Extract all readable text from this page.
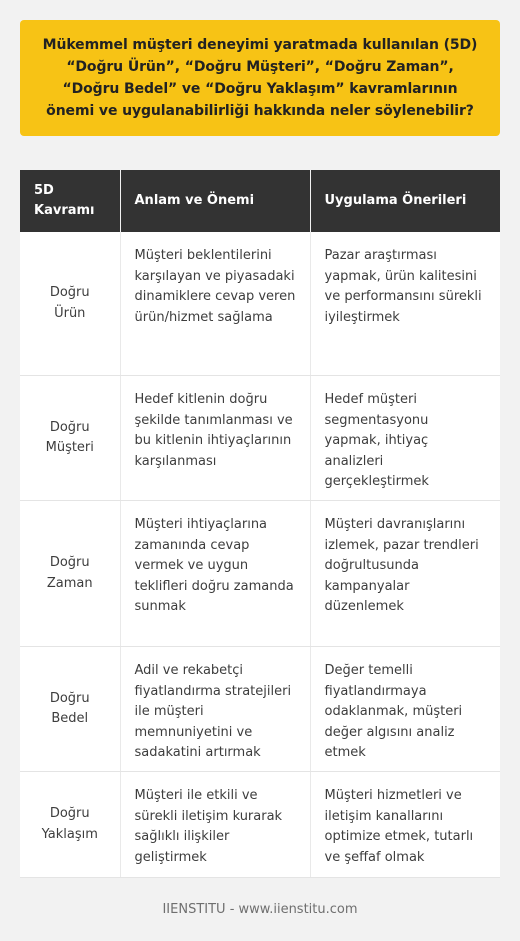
Mükemmel müşteri deneyimi yaratmada kullanılan (5D) “Doğru Ürün”, “Doğru Müşteri”, “Doğru Zaman”, “Doğru Bedel” ve “Doğru Yaklaşım” kavramlarının önemi ve uygulanabilirliği hakkında neler söylenebilir?
5D Kavramı	Anlam ve Önemi	Uygulama Önerileri
Doğru Ürün	Müşteri beklentilerini karşılayan ve piyasadaki dinamiklere cevap veren ürün/hizmet sağlama	Pazar araştırması yapmak, ürün kalitesini ve performansını sürekli iyileştirmek
Doğru Müşteri	Hedef kitlenin doğru şekilde tanımlanması ve bu kitlenin ihtiyaçlarının karşılanması	Hedef müşteri segmentasyonu yapmak, ihtiyaç analizleri gerçekleştirmek
Doğru Zaman	Müşteri ihtiyaçlarına zamanında cevap vermek ve uygun teklifleri doğru zamanda sunmak	Müşteri davranışlarını izlemek, pazar trendleri doğrultusunda kampanyalar düzenlemek
Doğru Bedel	Adil ve rekabetçi fiyatlandırma stratejileri ile müşteri memnuniyetini ve sadakatini artırmak	Değer temelli fiyatlandırmaya odaklanmak, müşteri değer algısını analiz etmek
Doğru Yaklaşım	Müşteri ile etkili ve sürekli iletişim kurarak sağlıklı ilişkiler geliştirmek	Müşteri hizmetleri ve iletişim kanallarını optimize etmek, tutarlı ve şeffaf olmak
IIENSTITU - www.iienstitu.com
